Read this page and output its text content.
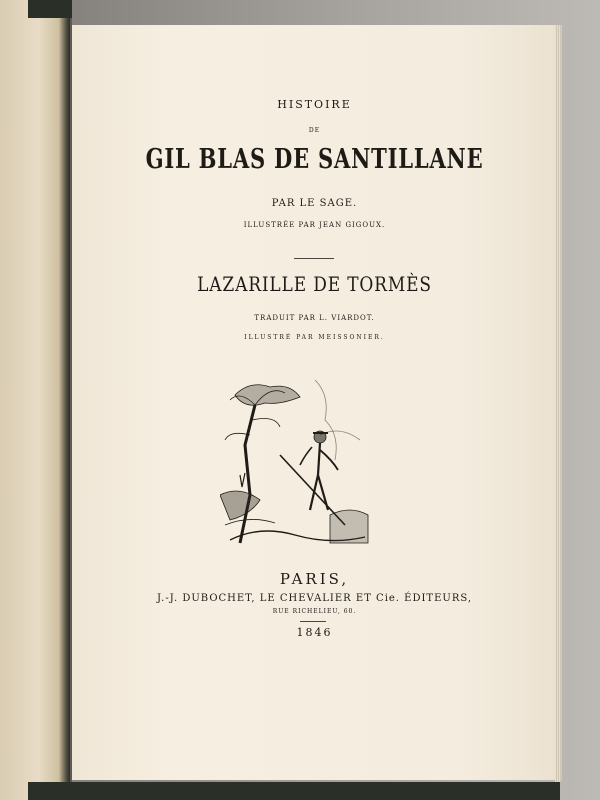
HISTOIRE

DE

GIL BLAS DE SANTILLANE

PAR LE SAGE.

ILLUSTRÉE PAR JEAN GIGOUX.

LAZARILLE DE TORMÈS

TRADUIT PAR L. VIARDOT.

ILLUSTRÉ PAR MEISSONIER.

PARIS,

J.-J. DUBOCHET, LE CHEVALIER ET Cie. ÉDITEURS,

RUE RICHELIEU, 60.

1846
